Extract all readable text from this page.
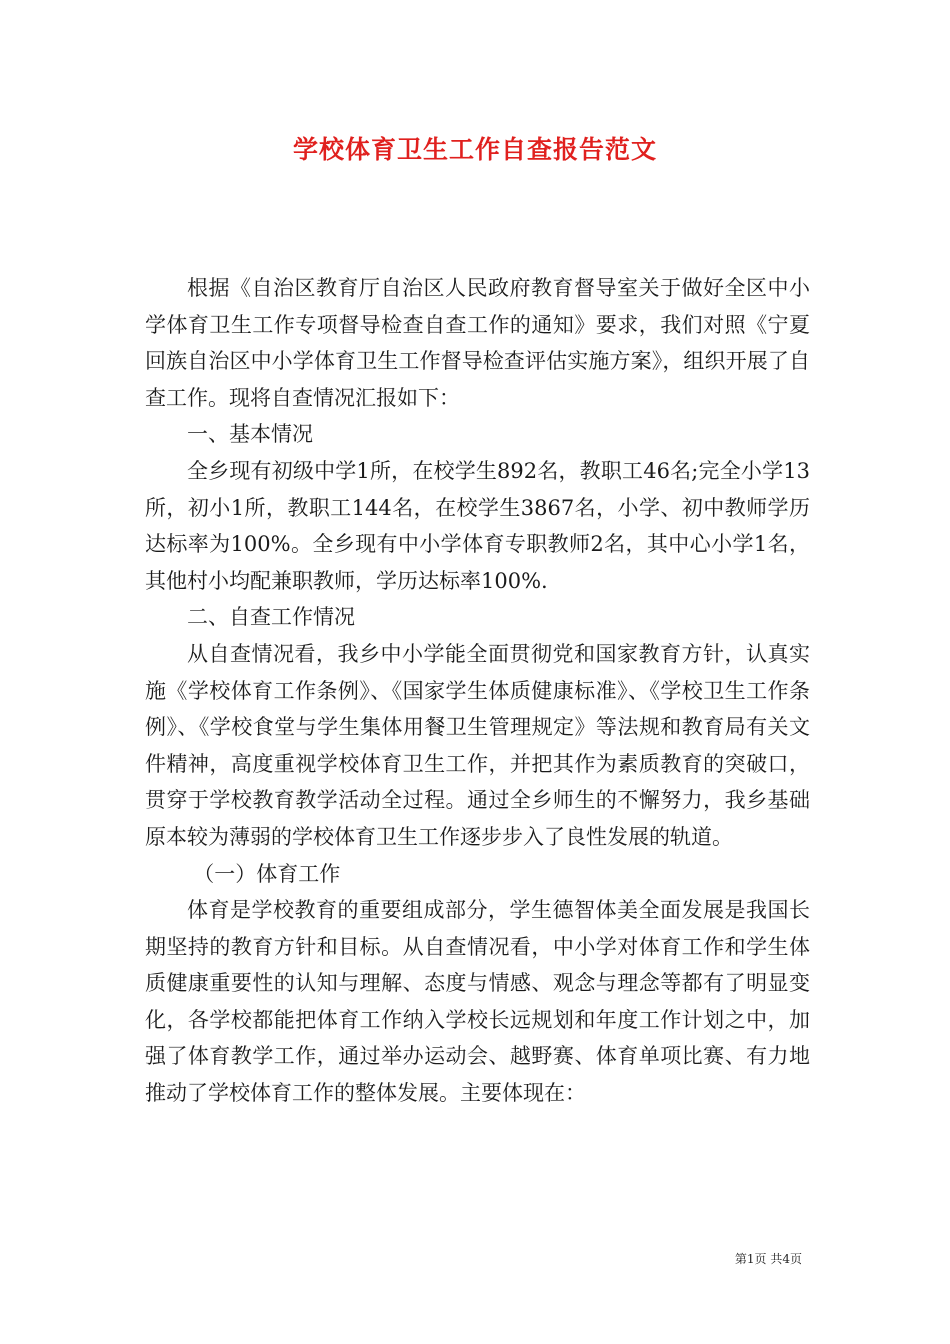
学校体育卫生工作自查报告范文

根据《自治区教育厅自治区人民政府教育督导室关于做好全区中小学体育卫生工作专项督导检查自查工作的通知》要求，我们对照《宁夏回族自治区中小学体育卫生工作督导检查评估实施方案》，组织开展了自查工作。现将自查情况汇报如下：

一、基本情况

全乡现有初级中学1所，在校学生892名，教职工46名;完全小学13所，初小1所，教职工144名，在校学生3867名，小学、初中教师学历达标率为100%。全乡现有中小学体育专职教师2名，其中心小学1名，其他村小均配兼职教师，学历达标率100%.

二、自查工作情况

从自查情况看，我乡中小学能全面贯彻党和国家教育方针，认真实施《学校体育工作条例》、《国家学生体质健康标准》、《学校卫生工作条例》、《学校食堂与学生集体用餐卫生管理规定》等法规和教育局有关文件精神，高度重视学校体育卫生工作，并把其作为素质教育的突破口，贯穿于学校教育教学活动全过程。通过全乡师生的不懈努力，我乡基础原本较为薄弱的学校体育卫生工作逐步步入了良性发展的轨道。

（一）体育工作

体育是学校教育的重要组成部分，学生德智体美全面发展是我国长期坚持的教育方针和目标。从自查情况看，中小学对体育工作和学生体质健康重要性的认知与理解、态度与情感、观念与理念等都有了明显变化，各学校都能把体育工作纳入学校长远规划和年度工作计划之中，加强了体育教学工作，通过举办运动会、越野赛、体育单项比赛、有力地推动了学校体育工作的整体发展。主要体现在：

第1页 共4页
